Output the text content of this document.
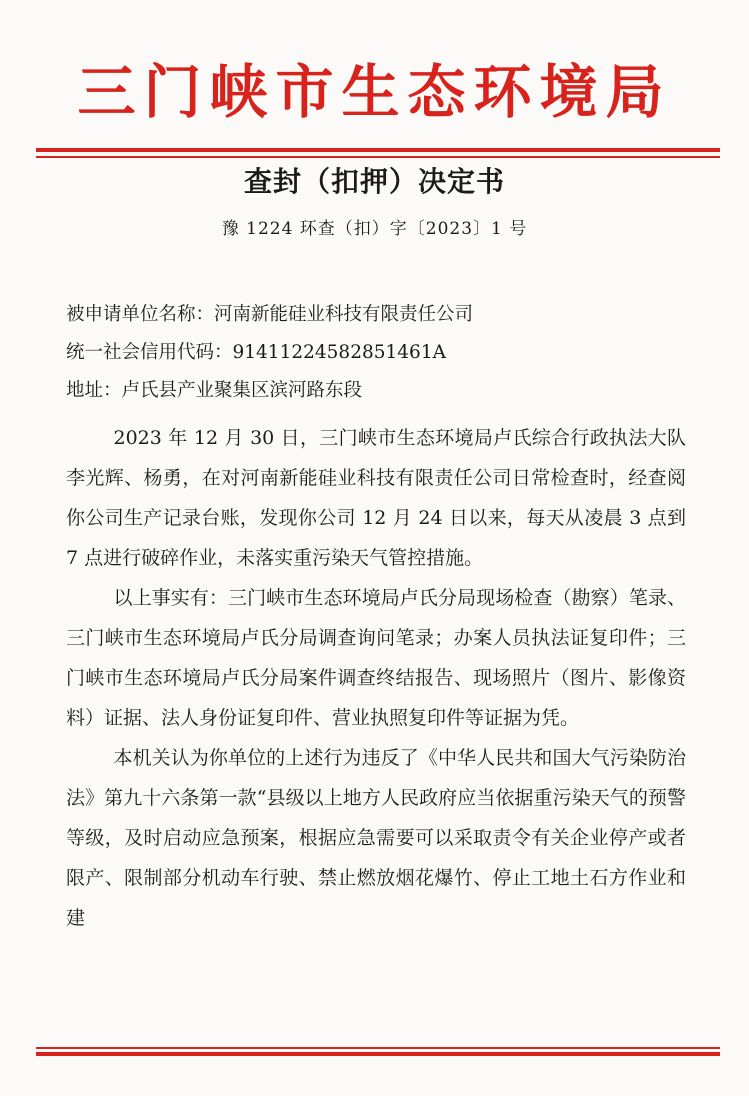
三门峡市生态环境局
查封（扣押）决定书
豫 1224 环查（扣）字〔2023〕1 号

被申请单位名称：河南新能硅业科技有限责任公司

统一社会信用代码：91411224582851461A

地址：卢氏县产业聚集区滨河路东段

2023 年 12 月 30 日，三门峡市生态环境局卢氏综合行政执法大队李光辉、杨勇，在对河南新能硅业科技有限责任公司日常检查时，经查阅你公司生产记录台账，发现你公司 12 月 24 日以来，每天从凌晨 3 点到 7 点进行破碎作业，未落实重污染天气管控措施。

以上事实有：三门峡市生态环境局卢氏分局现场检查（勘察）笔录、三门峡市生态环境局卢氏分局调查询问笔录；办案人员执法证复印件；三门峡市生态环境局卢氏分局案件调查终结报告、现场照片（图片、影像资料）证据、法人身份证复印件、营业执照复印件等证据为凭。

本机关认为你单位的上述行为违反了《中华人民共和国大气污染防治法》第九十六条第一款“县级以上地方人民政府应当依据重污染天气的预警等级，及时启动应急预案，根据应急需要可以采取责令有关企业停产或者限产、限制部分机动车行驶、禁止燃放烟花爆竹、停止工地土石方作业和建
